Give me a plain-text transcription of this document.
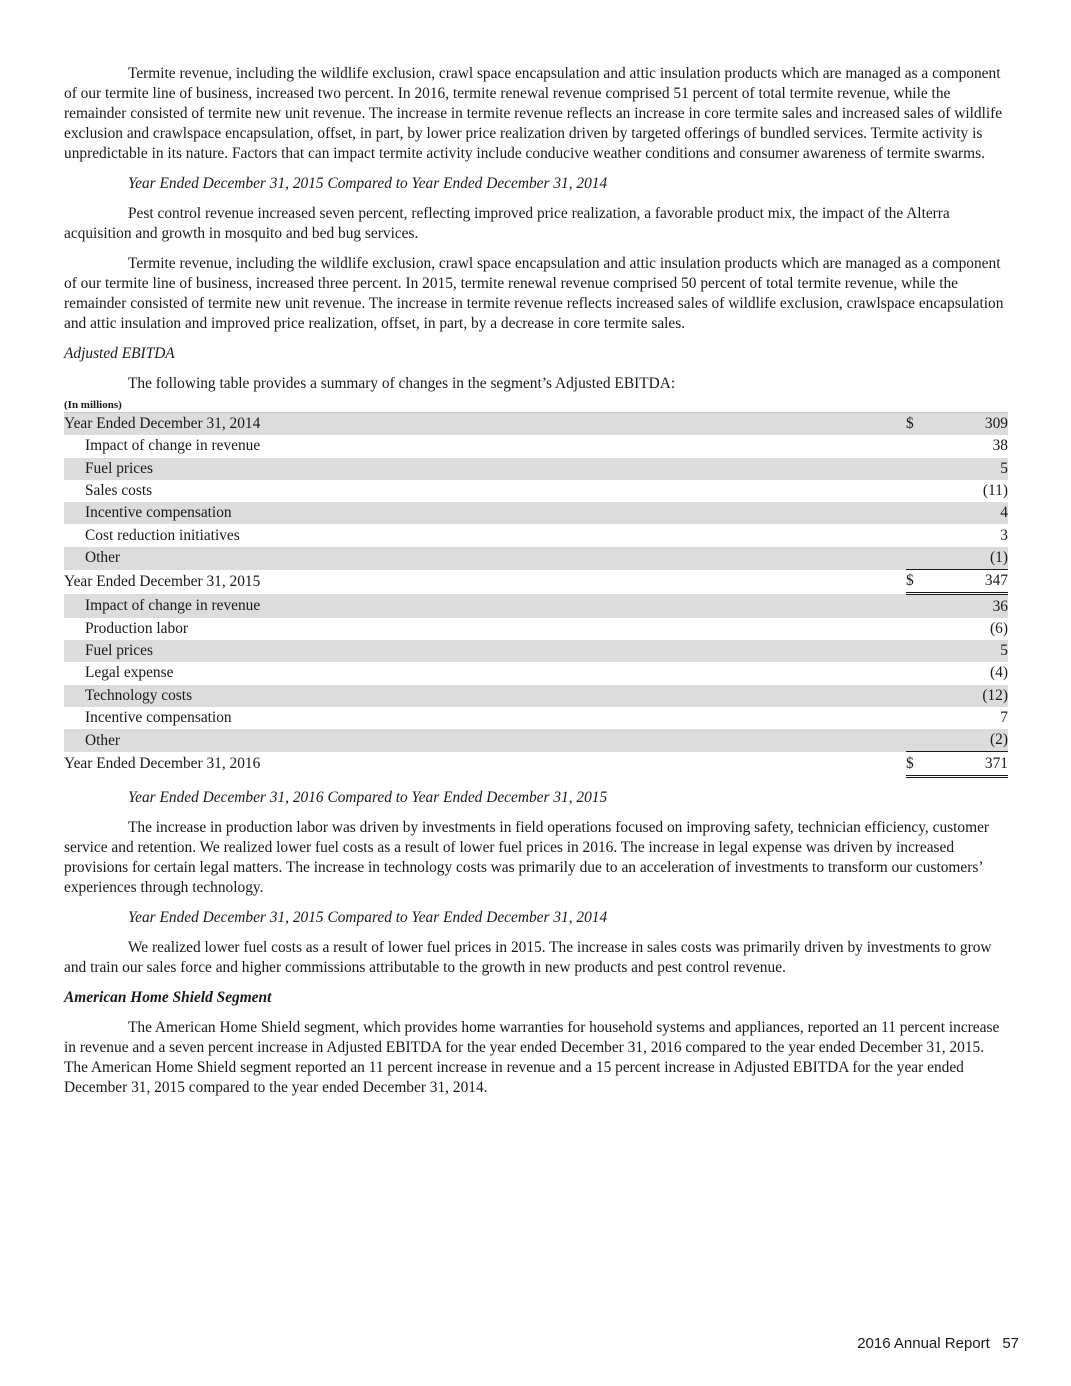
Termite revenue, including the wildlife exclusion, crawl space encapsulation and attic insulation products which are managed as a component of our termite line of business, increased two percent. In 2016, termite renewal revenue comprised 51 percent of total termite revenue, while the remainder consisted of termite new unit revenue. The increase in termite revenue reflects an increase in core termite sales and increased sales of wildlife exclusion and crawlspace encapsulation, offset, in part, by lower price realization driven by targeted offerings of bundled services. Termite activity is unpredictable in its nature. Factors that can impact termite activity include conducive weather conditions and consumer awareness of termite swarms.

Year Ended December 31, 2015 Compared to Year Ended December 31, 2014

Pest control revenue increased seven percent, reflecting improved price realization, a favorable product mix, the impact of the Alterra acquisition and growth in mosquito and bed bug services.

Termite revenue, including the wildlife exclusion, crawl space encapsulation and attic insulation products which are managed as a component of our termite line of business, increased three percent. In 2015, termite renewal revenue comprised 50 percent of total termite revenue, while the remainder consisted of termite new unit revenue. The increase in termite revenue reflects increased sales of wildlife exclusion, crawlspace encapsulation and attic insulation and improved price realization, offset, in part, by a decrease in core termite sales.

Adjusted EBITDA

The following table provides a summary of changes in the segment’s Adjusted EBITDA:

(In millions)
Year Ended December 31, 2014		$	309
Impact of change in revenue			38
Fuel prices			5
Sales costs			(11)
Incentive compensation			4
Cost reduction initiatives			3
Other			(1)
Year Ended December 31, 2015		$	347
Impact of change in revenue			36
Production labor			(6)
Fuel prices			5
Legal expense			(4)
Technology costs			(12)
Incentive compensation			7
Other			(2)
Year Ended December 31, 2016		$	371

Year Ended December 31, 2016 Compared to Year Ended December 31, 2015

The increase in production labor was driven by investments in field operations focused on improving safety, technician efficiency, customer service and retention. We realized lower fuel costs as a result of lower fuel prices in 2016. The increase in legal expense was driven by increased provisions for certain legal matters. The increase in technology costs was primarily due to an acceleration of investments to transform our customers’ experiences through technology.

Year Ended December 31, 2015 Compared to Year Ended December 31, 2014

We realized lower fuel costs as a result of lower fuel prices in 2015. The increase in sales costs was primarily driven by investments to grow and train our sales force and higher commissions attributable to the growth in new products and pest control revenue.

American Home Shield Segment

The American Home Shield segment, which provides home warranties for household systems and appliances, reported an 11 percent increase in revenue and a seven percent increase in Adjusted EBITDA for the year ended December 31, 2016 compared to the year ended December 31, 2015. The American Home Shield segment reported an 11 percent increase in revenue and a 15 percent increase in Adjusted EBITDA for the year ended December 31, 2015 compared to the year ended December 31, 2014.

2016 Annual Report 57
